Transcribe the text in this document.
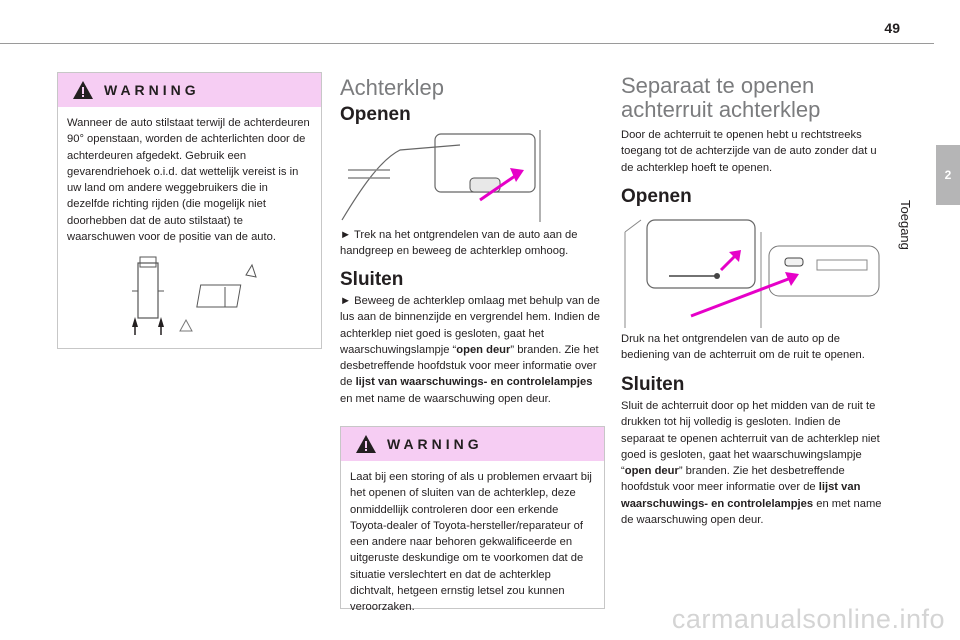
49
2
Toegang
WARNING
Wanneer de auto stilstaat terwijl de achterdeuren 90° openstaan, worden de achterlichten door de achterdeuren afgedekt. Gebruik een gevarendriehoek o.i.d. dat wettelijk vereist is in uw land om andere weggebruikers die in dezelfde richting rijden (die mogelijk niet doorhebben dat de auto stilstaat) te waarschuwen voor de positie van de auto.
Achterklep
Openen

► Trek na het ontgrendelen van de auto aan de handgreep en beweeg de achterklep omhoog.

Sluiten

► Beweeg de achterklep omlaag met behulp van de lus aan de binnenzijde en vergrendel hem. Indien de achterklep niet goed is gesloten, gaat het waarschuwingslampje “open deur” branden. Zie het desbetreffende hoofdstuk voor meer informatie over de lijst van waarschuwings- en controlelampjes en met name de waarschuwing open deur.

WARNING
Laat bij een storing of als u problemen ervaart bij het openen of sluiten van de achterklep, deze onmiddellijk controleren door een erkende Toyota-dealer of Toyota-hersteller/reparateur of een andere naar behoren gekwalificeerde en uitgeruste deskundige om te voorkomen dat de situatie verslechtert en dat de achterklep dichtvalt, hetgeen ernstig letsel zou kunnen veroorzaken.
Separaat te openen
achterruit achterklep

Door de achterruit te openen hebt u rechtstreeks toegang tot de achterzijde van de auto zonder dat u de achterklep hoeft te openen.

Openen

Druk na het ontgrendelen van de auto op de bediening van de achterruit om de ruit te openen.

Sluiten

Sluit de achterruit door op het midden van de ruit te drukken tot hij volledig is gesloten. Indien de separaat te openen achterruit van de achterklep niet goed is gesloten, gaat het waarschuwingslampje “open deur” branden. Zie het desbetreffende hoofdstuk voor meer informatie over de lijst van waarschuwings- en controlelampjes en met name de waarschuwing open deur.

carmanualsonline.info
